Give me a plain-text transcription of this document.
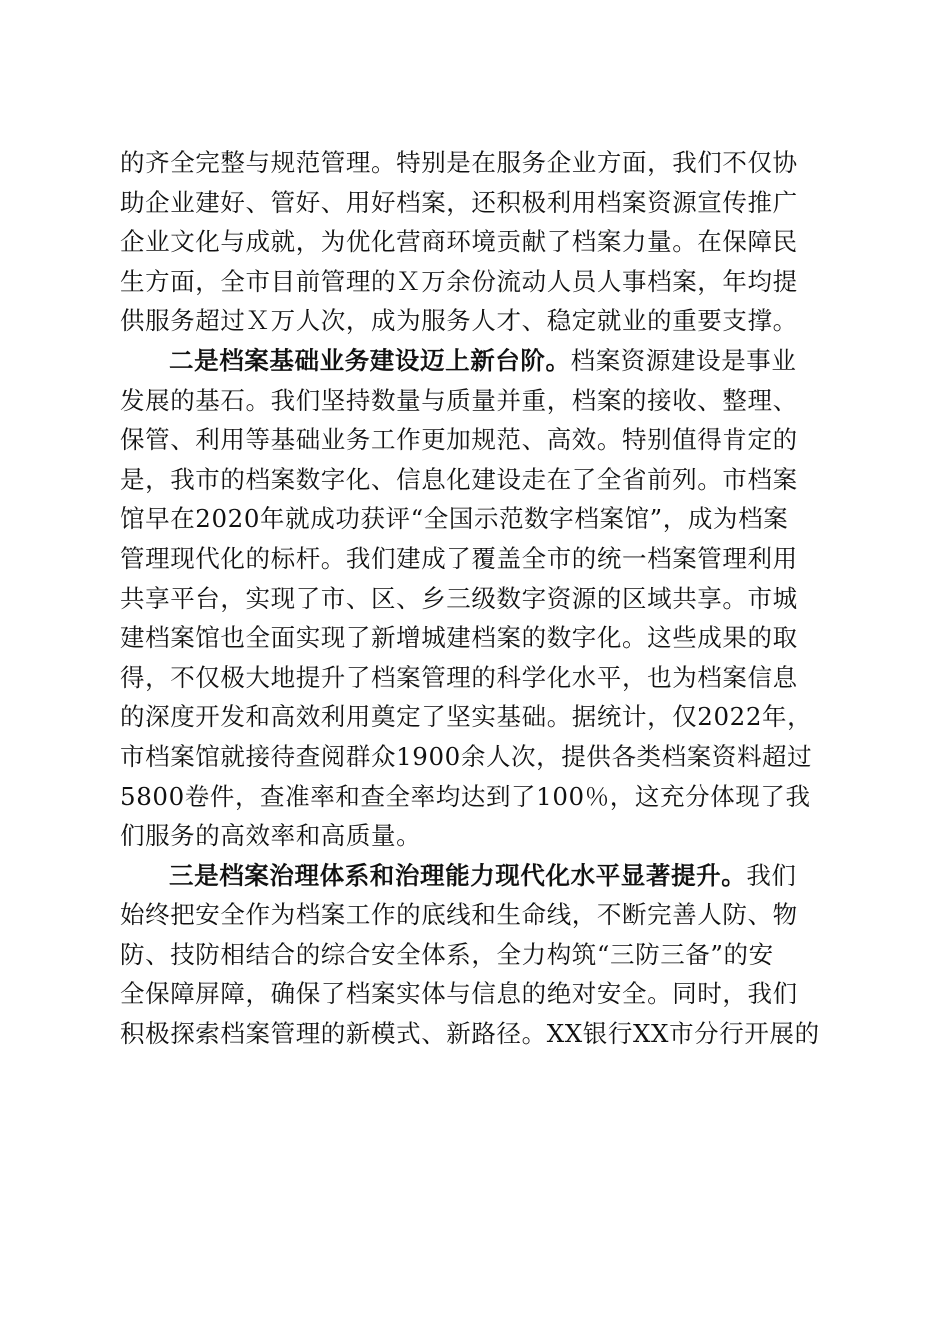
的齐全完整与规范管理。特别是在服务企业方面，我们不仅协
助企业建好、管好、用好档案，还积极利用档案资源宣传推广
企业文化与成就，为优化营商环境贡献了档案力量。在保障民
生方面，全市目前管理的Ｘ万余份流动人员人事档案，年均提
供服务超过Ｘ万人次，成为服务人才、稳定就业的重要支撑。
二是档案基础业务建设迈上新台阶。档案资源建设是事业
发展的基石。我们坚持数量与质量并重，档案的接收、整理、
保管、利用等基础业务工作更加规范、高效。特别值得肯定的
是，我市的档案数字化、信息化建设走在了全省前列。市档案
馆早在2020年就成功获评“全国示范数字档案馆”，成为档案
管理现代化的标杆。我们建成了覆盖全市的统一档案管理利用
共享平台，实现了市、区、乡三级数字资源的区域共享。市城
建档案馆也全面实现了新增城建档案的数字化。这些成果的取
得，不仅极大地提升了档案管理的科学化水平，也为档案信息
的深度开发和高效利用奠定了坚实基础。据统计，仅2022年，
市档案馆就接待查阅群众1900余人次，提供各类档案资料超过
5800卷件，查准率和查全率均达到了100％，这充分体现了我
们服务的高效率和高质量。
三是档案治理体系和治理能力现代化水平显著提升。我们
始终把安全作为档案工作的底线和生命线，不断完善人防、物
防、技防相结合的综合安全体系，全力构筑“三防三备”的安
全保障屏障，确保了档案实体与信息的绝对安全。同时，我们
积极探索档案管理的新模式、新路径。XX银行XX市分行开展的
